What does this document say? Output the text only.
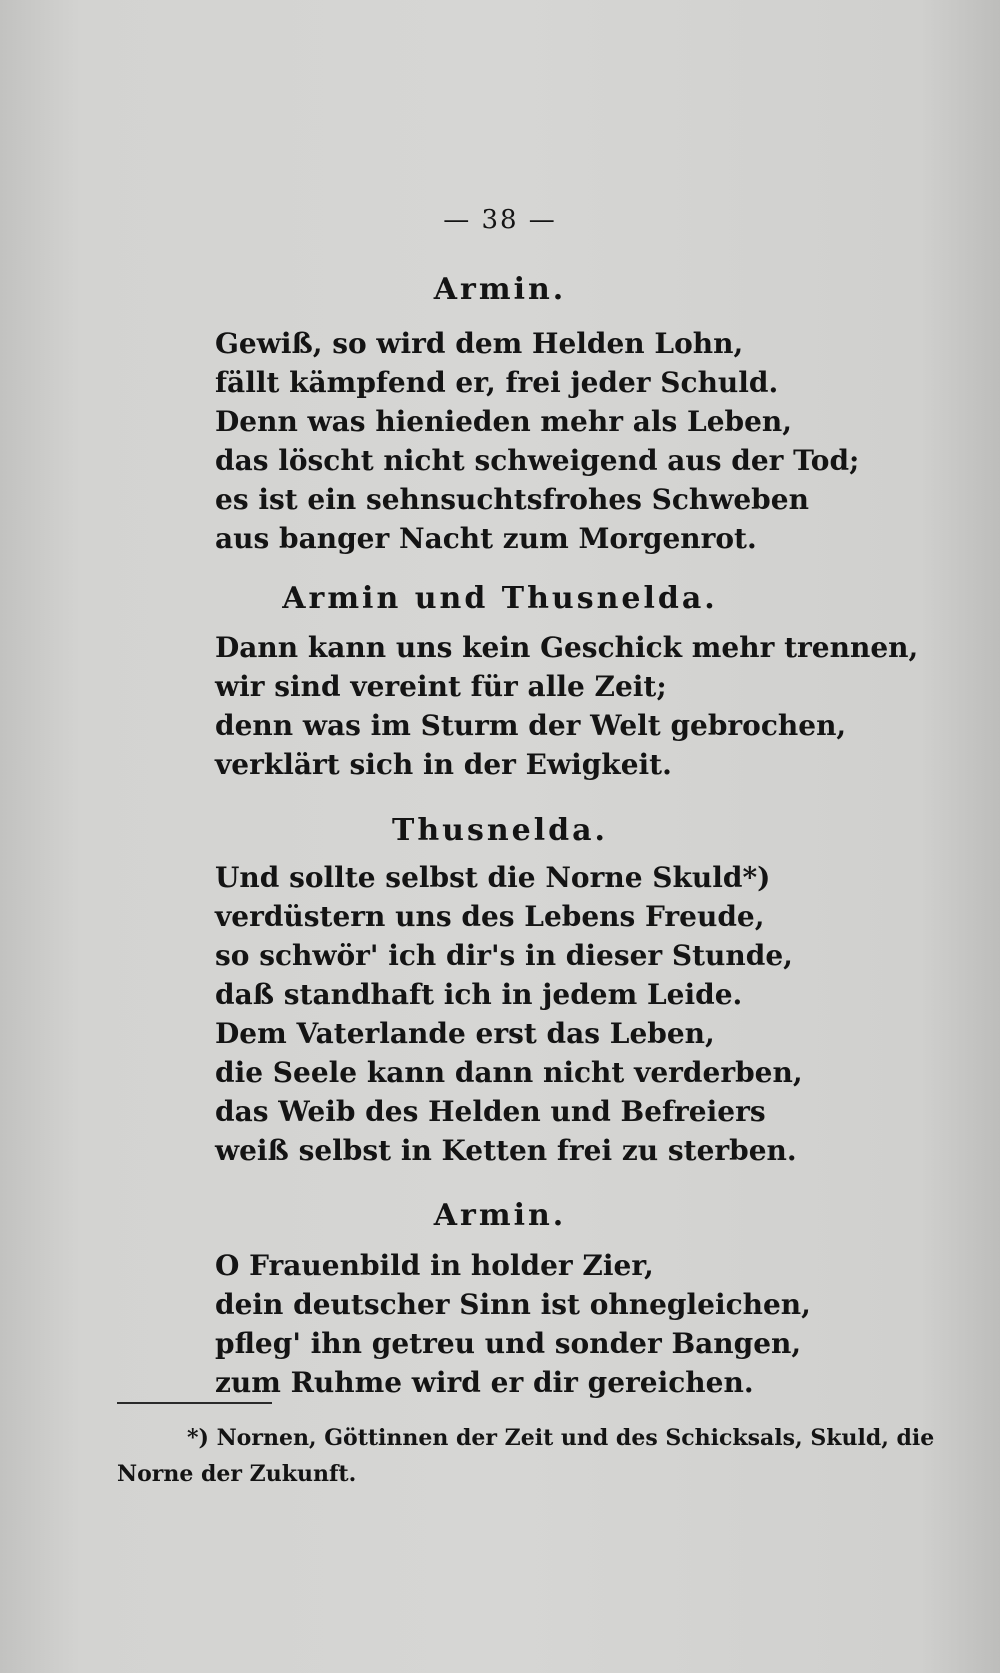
— 38 —
Armin.
Gewiß, so wird dem Helden Lohn,
fällt kämpfend er, frei jeder Schuld.
Denn was hienieden mehr als Leben,
das löscht nicht schweigend aus der Tod;
es ist ein sehnsuchtsfrohes Schweben
aus banger Nacht zum Morgenrot.
Armin und Thusnelda.
Dann kann uns kein Geschick mehr trennen,
wir sind vereint für alle Zeit;
denn was im Sturm der Welt gebrochen,
verklärt sich in der Ewigkeit.
Thusnelda.
Und sollte selbst die Norne Skuld*)
verdüstern uns des Lebens Freude,
so schwör' ich dir's in dieser Stunde,
daß standhaft ich in jedem Leide.
Dem Vaterlande erst das Leben,
die Seele kann dann nicht verderben,
das Weib des Helden und Befreiers
weiß selbst in Ketten frei zu sterben.
Armin.
O Frauenbild in holder Zier,
dein deutscher Sinn ist ohnegleichen,
pfleg' ihn getreu und sonder Bangen,
zum Ruhme wird er dir gereichen.
*) Nornen, Göttinnen der Zeit und des Schicksals, Skuld, die
Norne der Zukunft.
